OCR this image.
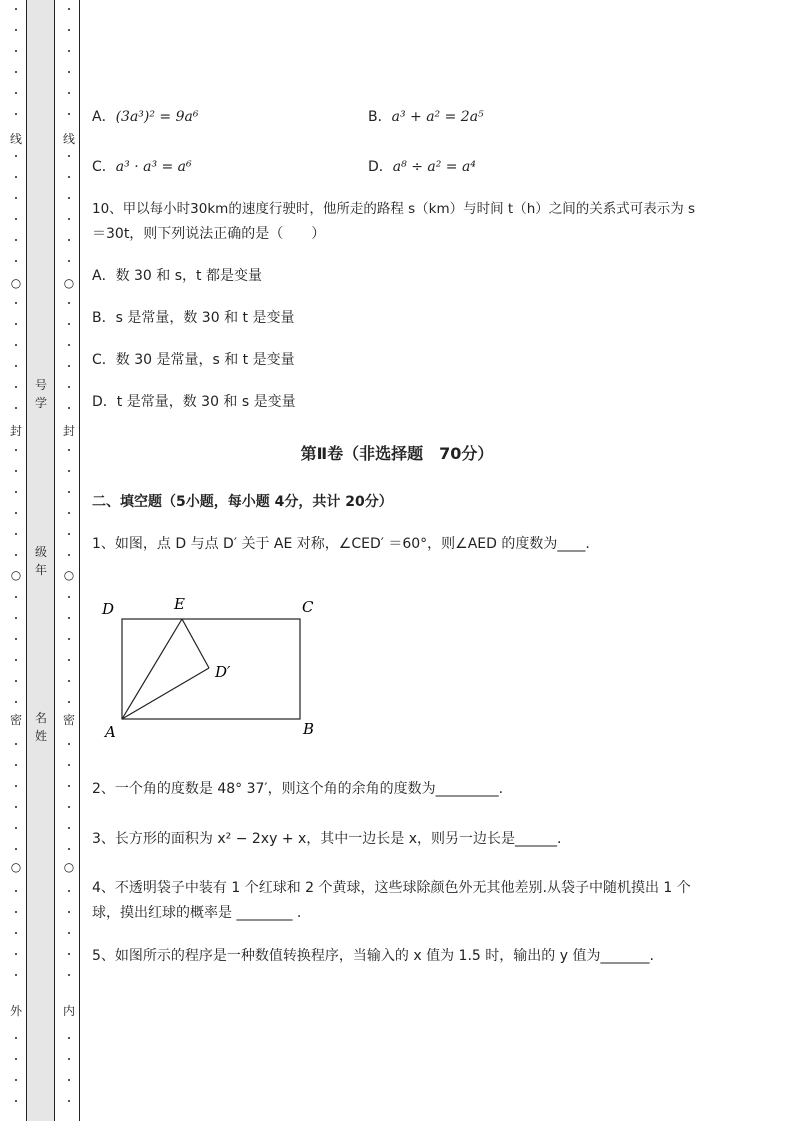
线
○
封
○
密
○
外
线
○
封
○
密
○
内
号
学
级
年
名
姓
A．(3a³)² = 9a⁶	B．a³ + a² = 2a⁵
C．a³ · a³ = a⁶	D．a⁸ ÷ a² = a⁴
10、甲以每小时30km的速度行驶时，他所走的路程 s（km）与时间 t（h）之间的关系式可表示为 s
＝30t，则下列说法正确的是（　　）
A．数 30 和 s，t 都是变量
B．s 是常量，数 30 和 t 是变量
C．数 30 是常量，s 和 t 是变量
D．t 是常量，数 30 和 s 是变量
第Ⅱ卷（非选择题　70分）
二、填空题（5小题，每小题 4分，共计 20分）
1、如图，点 D 与点 D′ 关于 AE 对称，∠CED′ ＝60°，则∠AED 的度数为____.
D	E	C
D′
A	B
2、一个角的度数是 48° 37′，则这个角的余角的度数为_________.
3、长方形的面积为 x² − 2xy + x，其中一边长是 x，则另一边长是______.
4、不透明袋子中装有 1 个红球和 2 个黄球，这些球除颜色外无其他差别.从袋子中随机摸出 1 个
球，摸出红球的概率是 ________ .
5、如图所示的程序是一种数值转换程序，当输入的 x 值为 1.5 时，输出的 y 值为_______.
